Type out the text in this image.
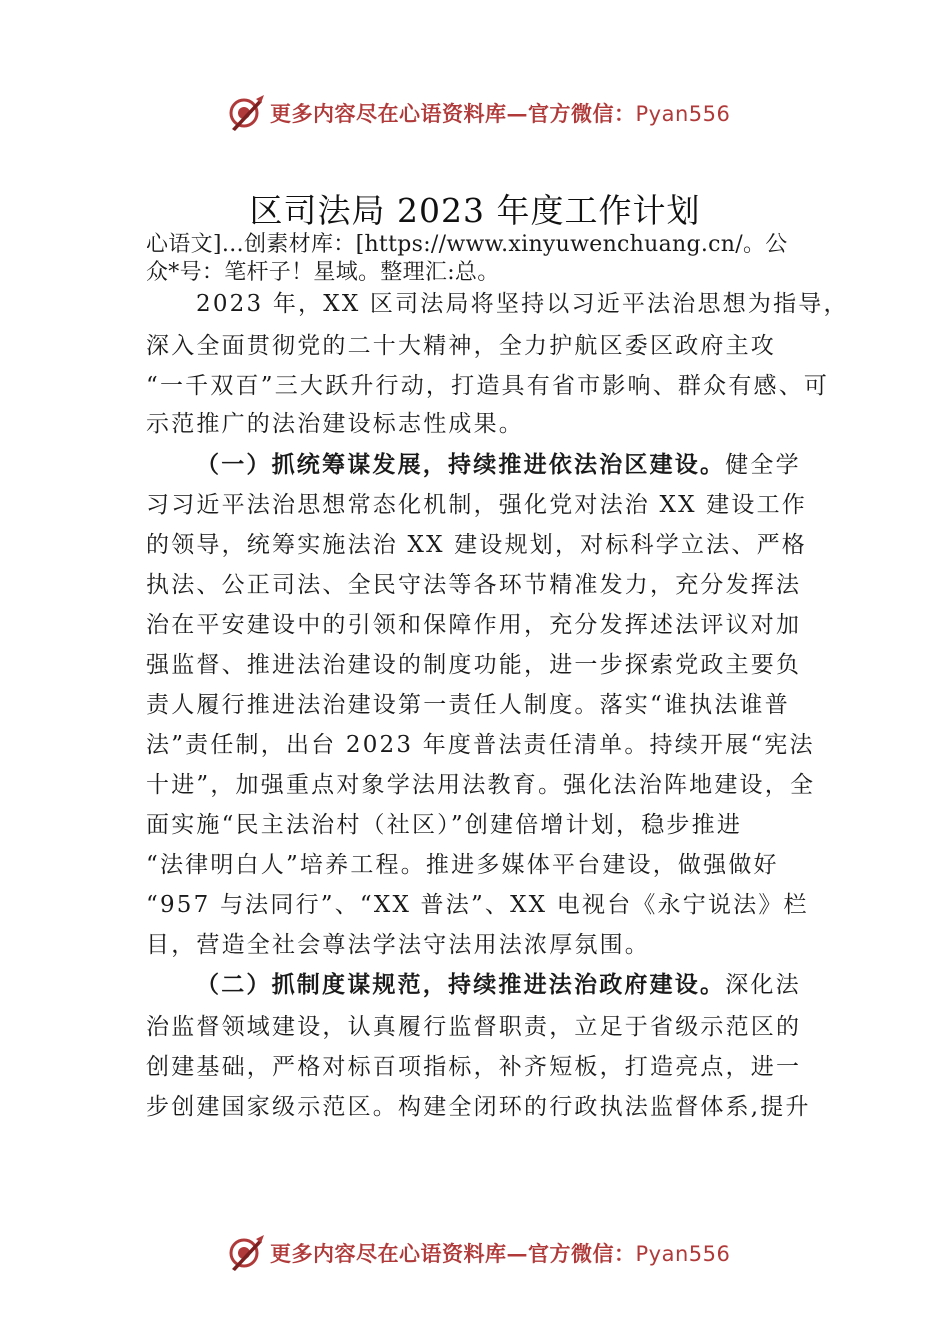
更多内容尽在心语资料库—官方微信：Pyan556
区司法局 2023 年度工作计划
心语文]…创素材库：[https://www.xinyuwenchuang.cn/。公
众*号：笔杆子！星域。整理汇:总。
2023 年，XX 区司法局将坚持以习近平法治思想为指导，
深入全面贯彻党的二十大精神，全力护航区委区政府主攻
“一千双百”三大跃升行动，打造具有省市影响、群众有感、可
示范推广的法治建设标志性成果。
（一）抓统筹谋发展，持续推进依法治区建设。健全学
习习近平法治思想常态化机制，强化党对法治 XX 建设工作
的领导，统筹实施法治 XX 建设规划，对标科学立法、严格
执法、公正司法、全民守法等各环节精准发力，充分发挥法
治在平安建设中的引领和保障作用，充分发挥述法评议对加
强监督、推进法治建设的制度功能，进一步探索党政主要负
责人履行推进法治建设第一责任人制度。落实“谁执法谁普
法”责任制，出台 2023 年度普法责任清单。持续开展“宪法
十进”，加强重点对象学法用法教育。强化法治阵地建设，全
面实施“民主法治村（社区）”创建倍增计划，稳步推进
“法律明白人”培养工程。推进多媒体平台建设，做强做好
“957 与法同行”、“XX 普法”、XX 电视台《永宁说法》栏
目，营造全社会尊法学法守法用法浓厚氛围。
（二）抓制度谋规范，持续推进法治政府建设。深化法
治监督领域建设，认真履行监督职责，立足于省级示范区的
创建基础，严格对标百项指标，补齐短板，打造亮点，进一
步创建国家级示范区。构建全闭环的行政执法监督体系,提升
更多内容尽在心语资料库—官方微信：Pyan556
